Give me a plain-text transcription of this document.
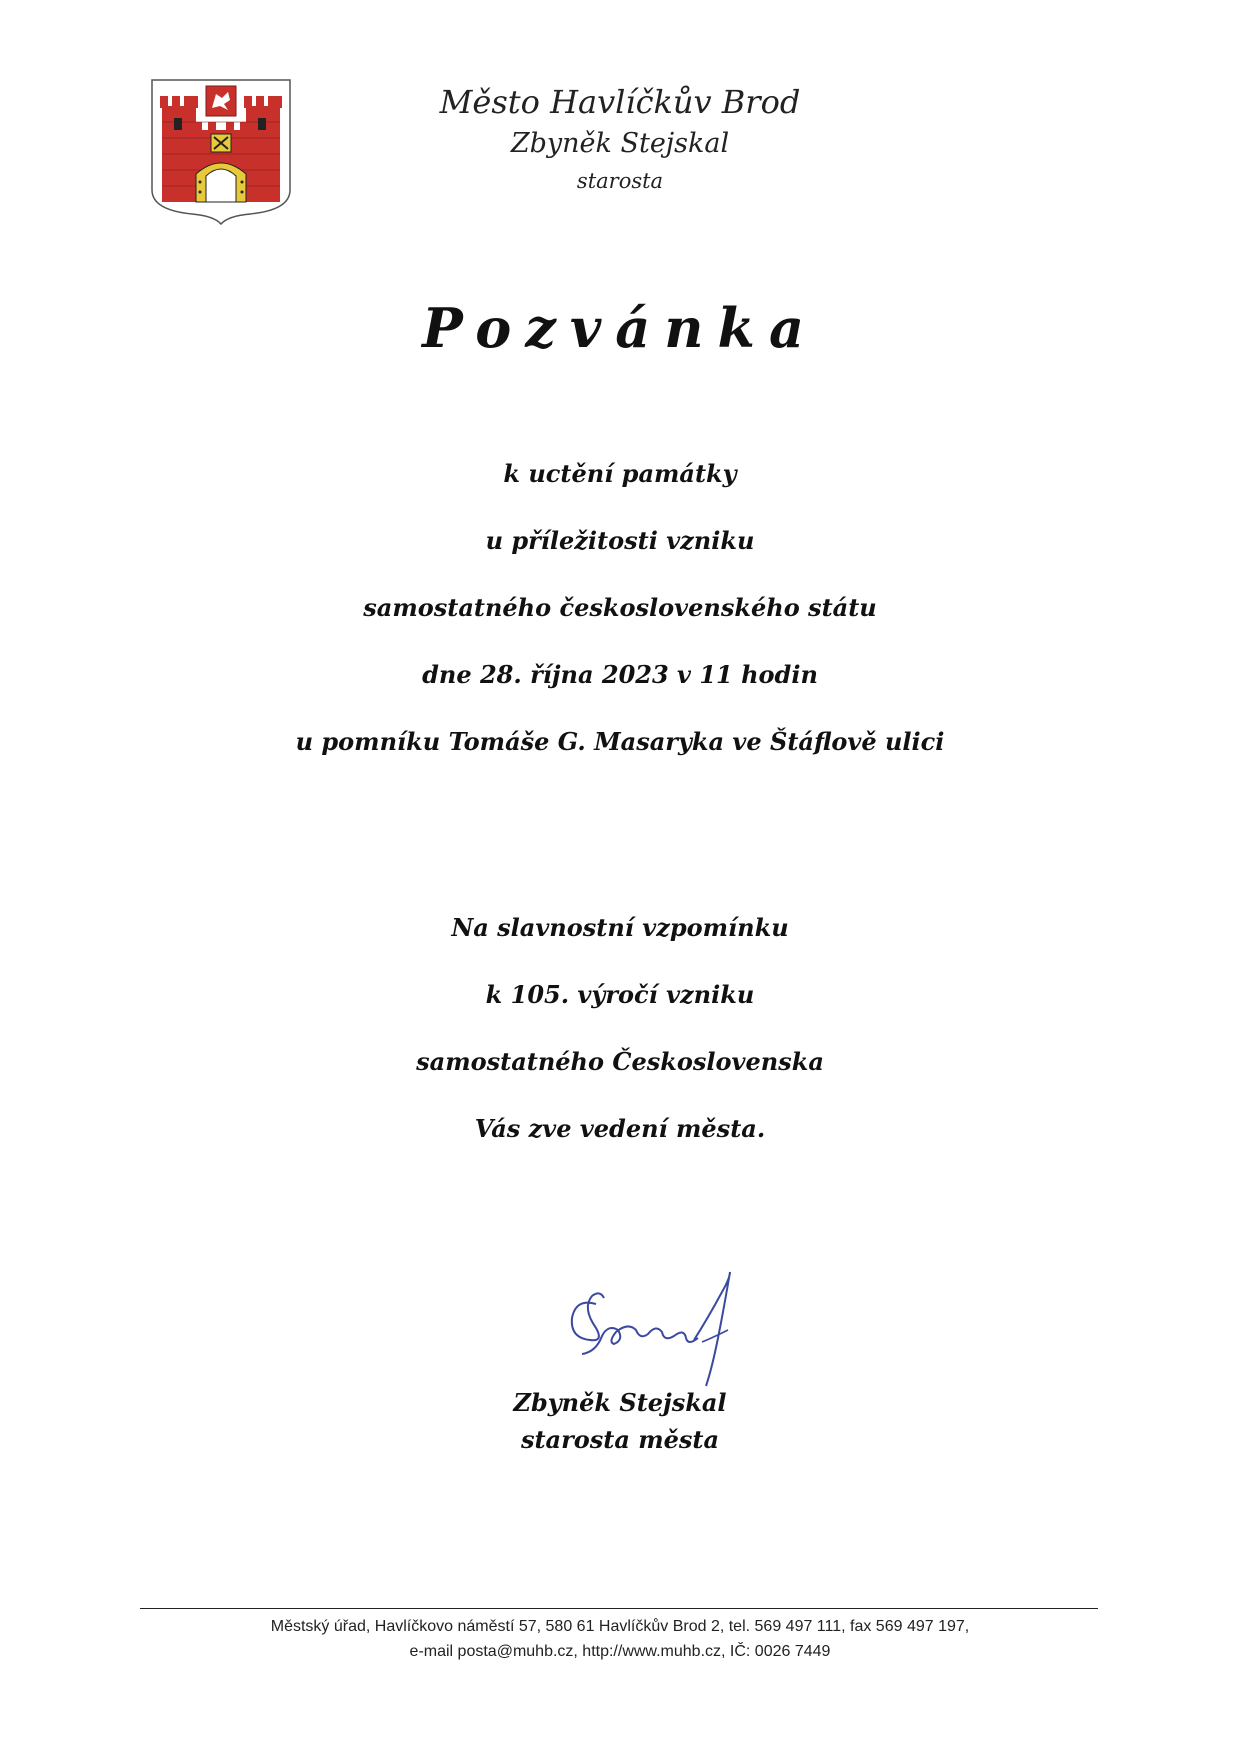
Město Havlíčkův Brod
Zbyněk Stejskal
starosta
Pozvánka
k uctění památky
u příležitosti vzniku
samostatného československého státu
dne 28. října 2023 v 11 hodin
u pomníku Tomáše G. Masaryka ve Štáflově ulici
Na slavnostní vzpomínku
k 105. výročí vzniku
samostatného Československa
Vás zve vedení města.
Zbyněk Stejskal
starosta města
Městský úřad, Havlíčkovo náměstí 57, 580 61 Havlíčkův Brod 2, tel. 569 497 111, fax 569 497 197,
e-mail posta@muhb.cz, http://www.muhb.cz, IČ: 0026 7449
